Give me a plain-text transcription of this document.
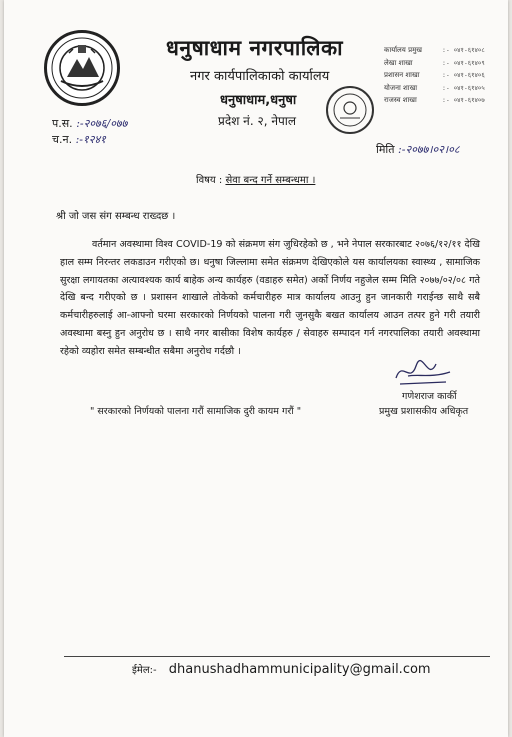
धनुषाधाम नगरपालिका
नगर कार्यपालिकाको कार्यालय
धनुषाधाम,धनुषा
प्रदेश नं. २, नेपाल
कार्यालय प्रमुख	:- ०४१-६१४०८
लेखा शाखा	:- ०४१-६१४०९
प्रशासन शाखा	:- ०४१-६१४०६
योजना शाखा	:- ०४१-६१४०५
राजस्व शाखा	:- ०४१-६१४०७
प.स. :-२०७६/०७७
च.न. :-१२४१
मिति :-२०७७।०२।०८
विषय : सेवा बन्द गर्ने सम्बन्धमा ।
श्री जो जस संग सम्बन्ध राख्दछ ।

वर्तमान अवस्थामा विश्व COVID-19 को संक्रमण संग जुधिरहेको छ , भने नेपाल सरकारबाट २०७६/१२/११ देखि हाल सम्म निरन्तर लकडाउन गरीएको छ। धनुषा जिल्लामा समेत संक्रमण देखिएकोले यस कार्यालयका स्वास्थ्य , सामाजिक सुरक्षा लगायतका अत्यावश्यक कार्य बाहेक अन्य कार्यहरु (वडाहरु समेत) अर्को निर्णय नहुजेल सम्म मिति २०७७/०२/०८ गते देखि बन्द गरीएको छ । प्रशासन शाखाले तोकेको कर्मचारीहरु मात्र कार्यालय आउनु हुन जानकारी गराईन्छ साथै सबै कर्मचारीहरुलाई आ-आफ्नो घरमा सरकारको निर्णयको पालना गरी जुनसुकै बखत कार्यालय आउन तत्पर हुने गरी तयारी अवस्थामा बस्नु हुन अनुरोध छ । साथै नगर बासीका विशेष कार्यहरु / सेवाहरु सम्पादन गर्न नगरपालिका तयारी अवस्थामा रहेको व्यहोरा समेत सम्बन्धीत सबैमा अनुरोध गर्दछौ ।

गणेशराज कार्की
प्रमुख प्रशासकीय अधिकृत
" सरकारको निर्णयको पालना गरौं सामाजिक दुरी कायम गरौं "
ईमेल:- dhanushadhammunicipality@gmail.com
